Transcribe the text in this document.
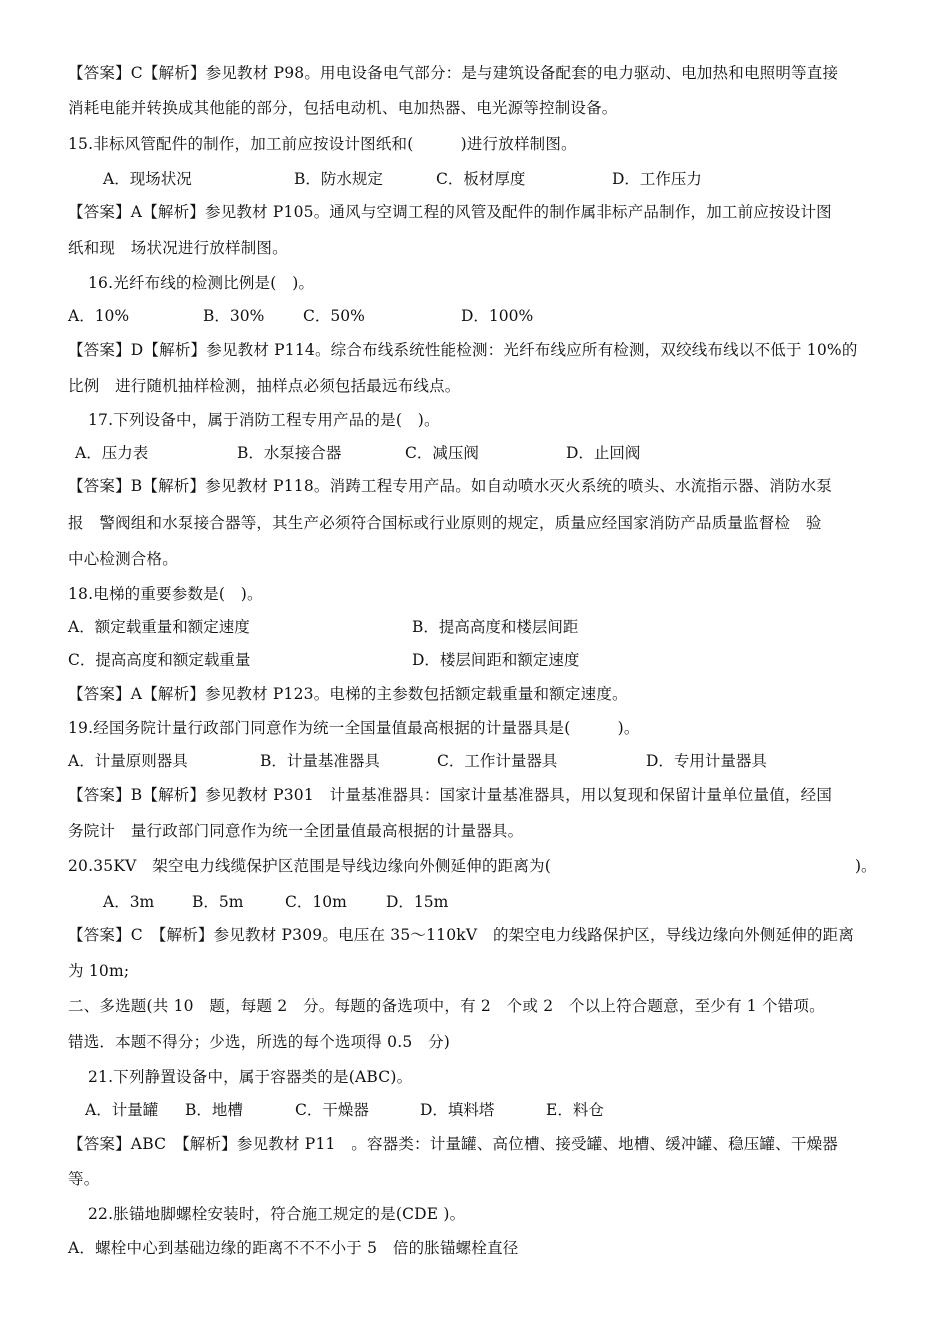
【答案】C【解析】参见教材 P98。用电设备电气部分：是与建筑设备配套的电力驱动、电加热和电照明等直接
消耗电能并转换成其他能的部分，包括电动机、电加热器、电光源等控制设备。
15.非标风管配件的制作，加工前应按设计图纸和(　　　)进行放样制图。
A．现场状况	B．防水规定	C．板材厚度	D．工作压力
【答案】A【解析】参见教材 P105。通风与空调工程的风管及配件的制作属非标产品制作，加工前应按设计图
纸和现　场状况进行放样制图。
16.光纤布线的检测比例是(　)。
A．10%	B．30% C．50%	D．100%
【答案】D【解析】参见教材 P114。综合布线系统性能检测：光纤布线应所有检测，双绞线布线以不低于 10%的
比例　进行随机抽样检测，抽样点必须包括最远布线点。
17.下列设备中，属于消防工程专用产品的是(　)。
A．压力表	B．水泵接合器	C．减压阀	D．止回阀
【答案】B【解析】参见教材 P118。消踌工程专用产品。如自动喷水灭火系统的喷头、水流指示器、消防水泵
报　警阀组和水泵接合器等，其生产必须符合国标或行业原则的规定，质量应经国家消防产品质量监督检　验
中心检测合格。
18.电梯的重要参数是(　)。
A．额定载重量和额定速度	B．提高高度和楼层间距
C．提高高度和额定载重量	D．楼层间距和额定速度
【答案】A【解析】参见教材 P123。电梯的主参数包括额定载重量和额定速度。
19.经国务院计量行政部门同意作为统一全国量值最高根据的计量器具是(　　　)。
A．计量原则器具	B．计量基准器具	C．工作计量器具	D．专用计量器具
【答案】B【解析】参见教材 P301　计量基准器具：国家计量基准器具，用以复现和保留计量单位量值，经国
务院计　量行政部门同意作为统一全团量值最高根据的计量器具。
20.35KV　架空电力线缆保护区范围是导线边缘向外侧延伸的距离为(	)。
A．3m B．5m	C．10m	D．15m
【答案】C　【解析】参见教材 P309。电压在 35～110kV　的架空电力线路保护区，导线边缘向外侧延伸的距离
为 10m;
二、多选题(共 10　题，每题 2　分。每题的备选项中，有 2　个或 2　个以上符合题意，至少有 1 个错项。
错选．本题不得分；少选，所选的每个选项得 0.5　分)
21.下列静置设备中，属于容器类的是(ABC)。
A．计量罐 B．地槽	C．干燥器	D．填料塔	E．料仓
【答案】ABC　【解析】参见教材 P11　。容器类：计量罐、高位槽、接受罐、地槽、缓冲罐、稳压罐、干燥器
等。
22.胀锚地脚螺栓安装时，符合施工规定的是(CDE )。
A．螺栓中心到基础边缘的距离不不不小于 5　倍的胀锚螺栓直径
